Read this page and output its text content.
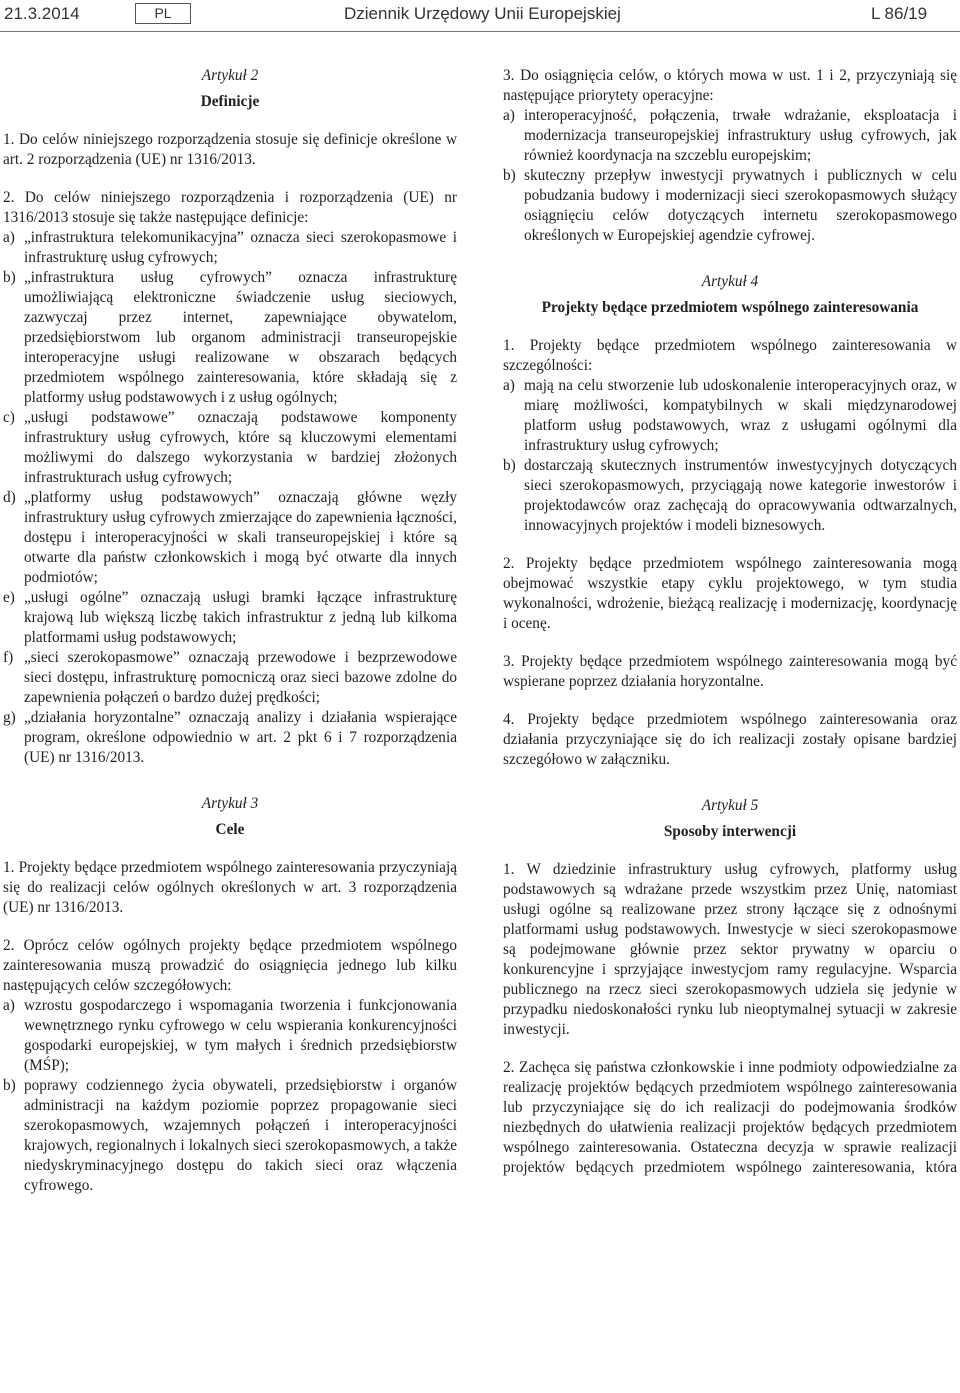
21.3.2014	PL	Dziennik Urzędowy Unii Europejskiej	L 86/19

Artykuł 2

Definicje

1. Do celów niniejszego rozporządzenia stosuje się definicje określone w art. 2 rozporządzenia (UE) nr 1316/2013.

2. Do celów niniejszego rozporządzenia i rozporządzenia (UE) nr 1316/2013 stosuje się także następujące definicje:

a) „infrastruktura telekomunikacyjna” oznacza sieci szerokopasmowe i infrastrukturę usług cyfrowych;
b) „infrastruktura usług cyfrowych” oznacza infrastrukturę umożliwiającą elektroniczne świadczenie usług sieciowych, zazwyczaj przez internet, zapewniające obywatelom, przedsiębiorstwom lub organom administracji transeuropejskie interoperacyjne usługi realizowane w obszarach będących przedmiotem wspólnego zainteresowania, które składają się z platformy usług podstawowych i z usług ogólnych;
c) „usługi podstawowe” oznaczają podstawowe komponenty infrastruktury usług cyfrowych, które są kluczowymi elementami możliwymi do dalszego wykorzystania w bardziej złożonych infrastrukturach usług cyfrowych;
d) „platformy usług podstawowych” oznaczają główne węzły infrastruktury usług cyfrowych zmierzające do zapewnienia łączności, dostępu i interoperacyjności w skali transeuropejskiej i które są otwarte dla państw członkowskich i mogą być otwarte dla innych podmiotów;
e) „usługi ogólne” oznaczają usługi bramki łączące infrastrukturę krajową lub większą liczbę takich infrastruktur z jedną lub kilkoma platformami usług podstawowych;
f) „sieci szerokopasmowe” oznaczają przewodowe i bezprzewodowe sieci dostępu, infrastrukturę pomocniczą oraz sieci bazowe zdolne do zapewnienia połączeń o bardzo dużej prędkości;
g) „działania horyzontalne” oznaczają analizy i działania wspierające program, określone odpowiednio w art. 2 pkt 6 i 7 rozporządzenia (UE) nr 1316/2013.

Artykuł 3

Cele

1. Projekty będące przedmiotem wspólnego zainteresowania przyczyniają się do realizacji celów ogólnych określonych w art. 3 rozporządzenia (UE) nr 1316/2013.

2. Oprócz celów ogólnych projekty będące przedmiotem wspólnego zainteresowania muszą prowadzić do osiągnięcia jednego lub kilku następujących celów szczegółowych:

a) wzrostu gospodarczego i wspomagania tworzenia i funkcjonowania wewnętrznego rynku cyfrowego w celu wspierania konkurencyjności gospodarki europejskiej, w tym małych i średnich przedsiębiorstw (MŚP);
b) poprawy codziennego życia obywateli, przedsiębiorstw i organów administracji na każdym poziomie poprzez propagowanie sieci szerokopasmowych, wzajemnych połączeń i interoperacyjności krajowych, regionalnych i lokalnych sieci szerokopasmowych, a także niedyskryminacyjnego dostępu do takich sieci oraz włączenia cyfrowego.

3. Do osiągnięcia celów, o których mowa w ust. 1 i 2, przyczyniają się następujące priorytety operacyjne:

a) interoperacyjność, połączenia, trwałe wdrażanie, eksploatacja i modernizacja transeuropejskiej infrastruktury usług cyfrowych, jak również koordynacja na szczeblu europejskim;
b) skuteczny przepływ inwestycji prywatnych i publicznych w celu pobudzania budowy i modernizacji sieci szerokopasmowych służący osiągnięciu celów dotyczących internetu szerokopasmowego określonych w Europejskiej agendzie cyfrowej.

Artykuł 4

Projekty będące przedmiotem wspólnego zainteresowania

1. Projekty będące przedmiotem wspólnego zainteresowania w szczególności:

a) mają na celu stworzenie lub udoskonalenie interoperacyjnych oraz, w miarę możliwości, kompatybilnych w skali międzynarodowej platform usług podstawowych, wraz z usługami ogólnymi dla infrastruktury usług cyfrowych;
b) dostarczają skutecznych instrumentów inwestycyjnych dotyczących sieci szerokopasmowych, przyciągają nowe kategorie inwestorów i projektodawców oraz zachęcają do opracowywania odtwarzalnych, innowacyjnych projektów i modeli biznesowych.

2. Projekty będące przedmiotem wspólnego zainteresowania mogą obejmować wszystkie etapy cyklu projektowego, w tym studia wykonalności, wdrożenie, bieżącą realizację i modernizację, koordynację i ocenę.

3. Projekty będące przedmiotem wspólnego zainteresowania mogą być wspierane poprzez działania horyzontalne.

4. Projekty będące przedmiotem wspólnego zainteresowania oraz działania przyczyniające się do ich realizacji zostały opisane bardziej szczegółowo w załączniku.

Artykuł 5

Sposoby interwencji

1. W dziedzinie infrastruktury usług cyfrowych, platformy usług podstawowych są wdrażane przede wszystkim przez Unię, natomiast usługi ogólne są realizowane przez strony łączące się z odnośnymi platformami usług podstawowych. Inwestycje w sieci szerokopasmowe są podejmowane głównie przez sektor prywatny w oparciu o konkurencyjne i sprzyjające inwestycjom ramy regulacyjne. Wsparcia publicznego na rzecz sieci szerokopasmowych udziela się jedynie w przypadku niedoskonałości rynku lub nieoptymalnej sytuacji w zakresie inwestycji.

2. Zachęca się państwa członkowskie i inne podmioty odpowiedzialne za realizację projektów będących przedmiotem wspólnego zainteresowania lub przyczyniające się do ich realizacji do podejmowania środków niezbędnych do ułatwienia realizacji projektów będących przedmiotem wspólnego zainteresowania. Ostateczna decyzja w sprawie realizacji projektów będących przedmiotem wspólnego zainteresowania, która
